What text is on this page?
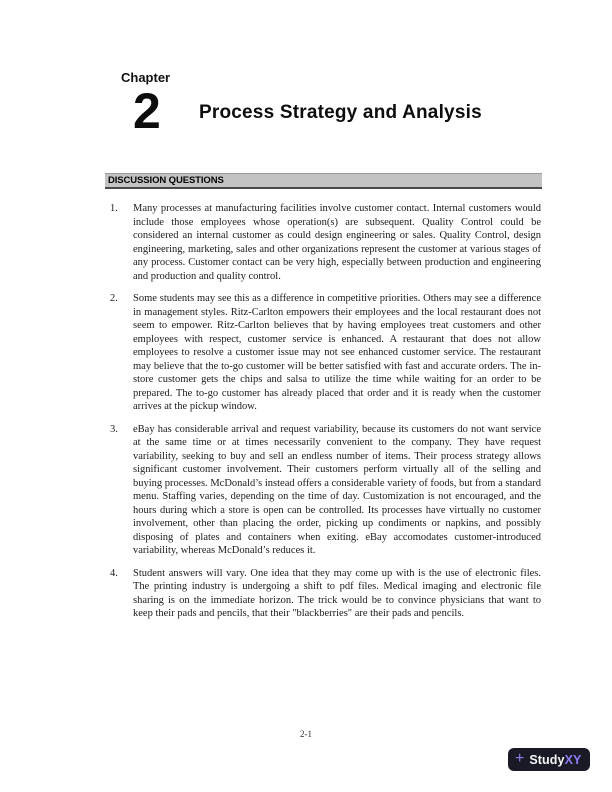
Chapter
2 Process Strategy and Analysis
DISCUSSION QUESTIONS
1. Many processes at manufacturing facilities involve customer contact. Internal customers would include those employees whose operation(s) are subsequent. Quality Control could be considered an internal customer as could design engineering or sales. Quality Control, design engineering, marketing, sales and other organizations represent the customer at various stages of any process. Customer contact can be very high, especially between production and engineering and production and quality control.

2. Some students may see this as a difference in competitive priorities. Others may see a difference in management styles. Ritz-Carlton empowers their employees and the local restaurant does not seem to empower. Ritz-Carlton believes that by having employees treat customers and other employees with respect, customer service is enhanced. A restaurant that does not allow employees to resolve a customer issue may not see enhanced customer service. The restaurant may believe that the to-go customer will be better satisfied with fast and accurate orders. The in-store customer gets the chips and salsa to utilize the time while waiting for an order to be prepared. The to-go customer has already placed that order and it is ready when the customer arrives at the pickup window.

3. eBay has considerable arrival and request variability, because its customers do not want service at the same time or at times necessarily convenient to the company. They have request variability, seeking to buy and sell an endless number of items. Their process strategy allows significant customer involvement. Their customers perform virtually all of the selling and buying processes. McDonald’s instead offers a considerable variety of foods, but from a standard menu. Staffing varies, depending on the time of day. Customization is not encouraged, and the hours during which a store is open can be controlled. Its processes have virtually no customer involvement, other than placing the order, picking up condiments or napkins, and possibly disposing of plates and containers when exiting. eBay accomodates customer-introduced variability, whereas McDonald’s reduces it.

4. Student answers will vary. One idea that they may come up with is the use of electronic files. The printing industry is undergoing a shift to pdf files. Medical imaging and electronic file sharing is on the immediate horizon. The trick would be to convince physicians that want to keep their pads and pencils, that their "blackberries" are their pads and pencils.

2-1
+ Study XY
